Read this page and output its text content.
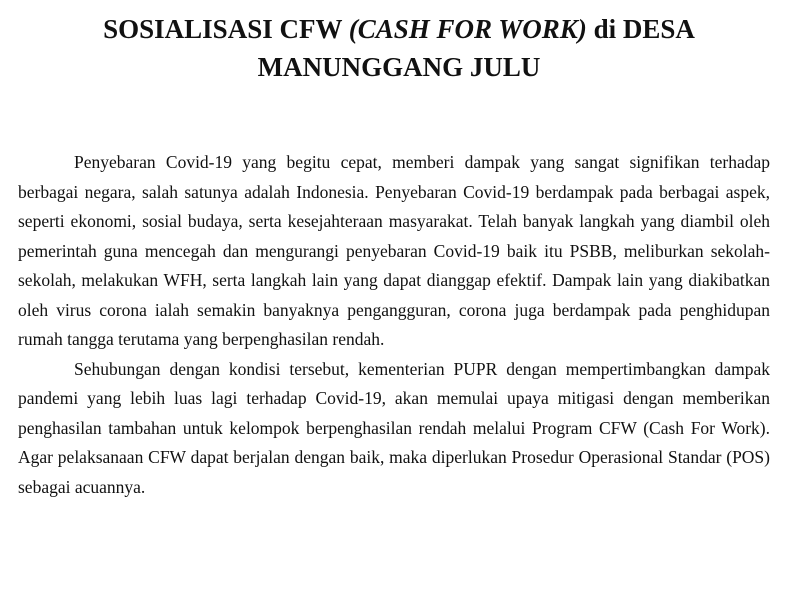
SOSIALISASI CFW (CASH FOR WORK) di DESA
MANUNGGANG JULU

Penyebaran Covid-19 yang begitu cepat, memberi dampak yang sangat signifikan terhadap berbagai negara, salah satunya adalah Indonesia. Penyebaran Covid-19 berdampak pada berbagai aspek, seperti ekonomi, sosial budaya, serta kesejahteraan masyarakat. Telah banyak langkah yang diambil oleh pemerintah guna mencegah dan mengurangi penyebaran Covid-19 baik itu PSBB, meliburkan sekolah-sekolah, melakukan WFH, serta langkah lain yang dapat dianggap efektif. Dampak lain yang diakibatkan oleh virus corona ialah semakin banyaknya pengangguran, corona juga berdampak pada penghidupan rumah tangga terutama yang berpenghasilan rendah.

Sehubungan dengan kondisi tersebut, kementerian PUPR dengan mempertimbangkan dampak pandemi yang lebih luas lagi terhadap Covid-19, akan memulai upaya mitigasi dengan memberikan penghasilan tambahan untuk kelompok berpenghasilan rendah melalui Program CFW (Cash For Work). Agar pelaksanaan CFW dapat berjalan dengan baik, maka diperlukan Prosedur Operasional Standar (POS) sebagai acuannya.
